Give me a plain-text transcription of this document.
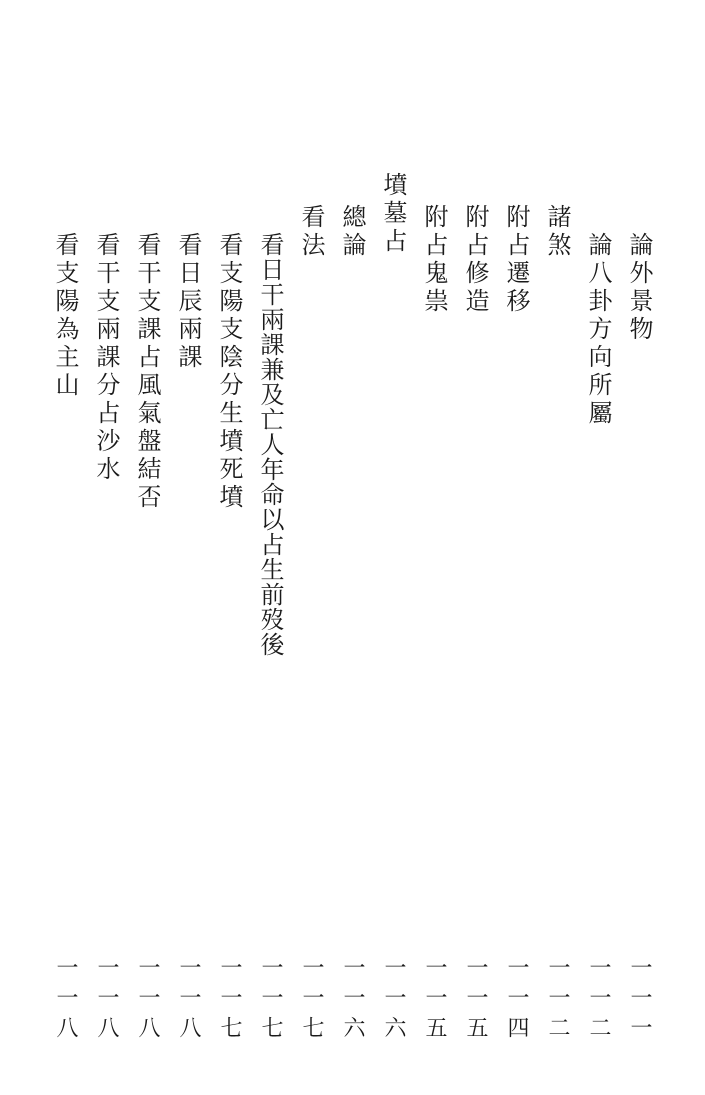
論外景物
一一一
論八卦方向所屬
一一二
諸煞
一一二
附占遷移
一一四
附占修造
一一五
附占鬼祟
一一五
墳墓占
一一六
總論
一一六
看法
一一七
看日干兩課兼及亡人年命以占生前歿後
一一七
看支陽支陰分生墳死墳
一一七
看日辰兩課
一一八
看干支課占風氣盤結否
一一八
看干支兩課分占沙水
一一八
看支陽為主山
一一八
